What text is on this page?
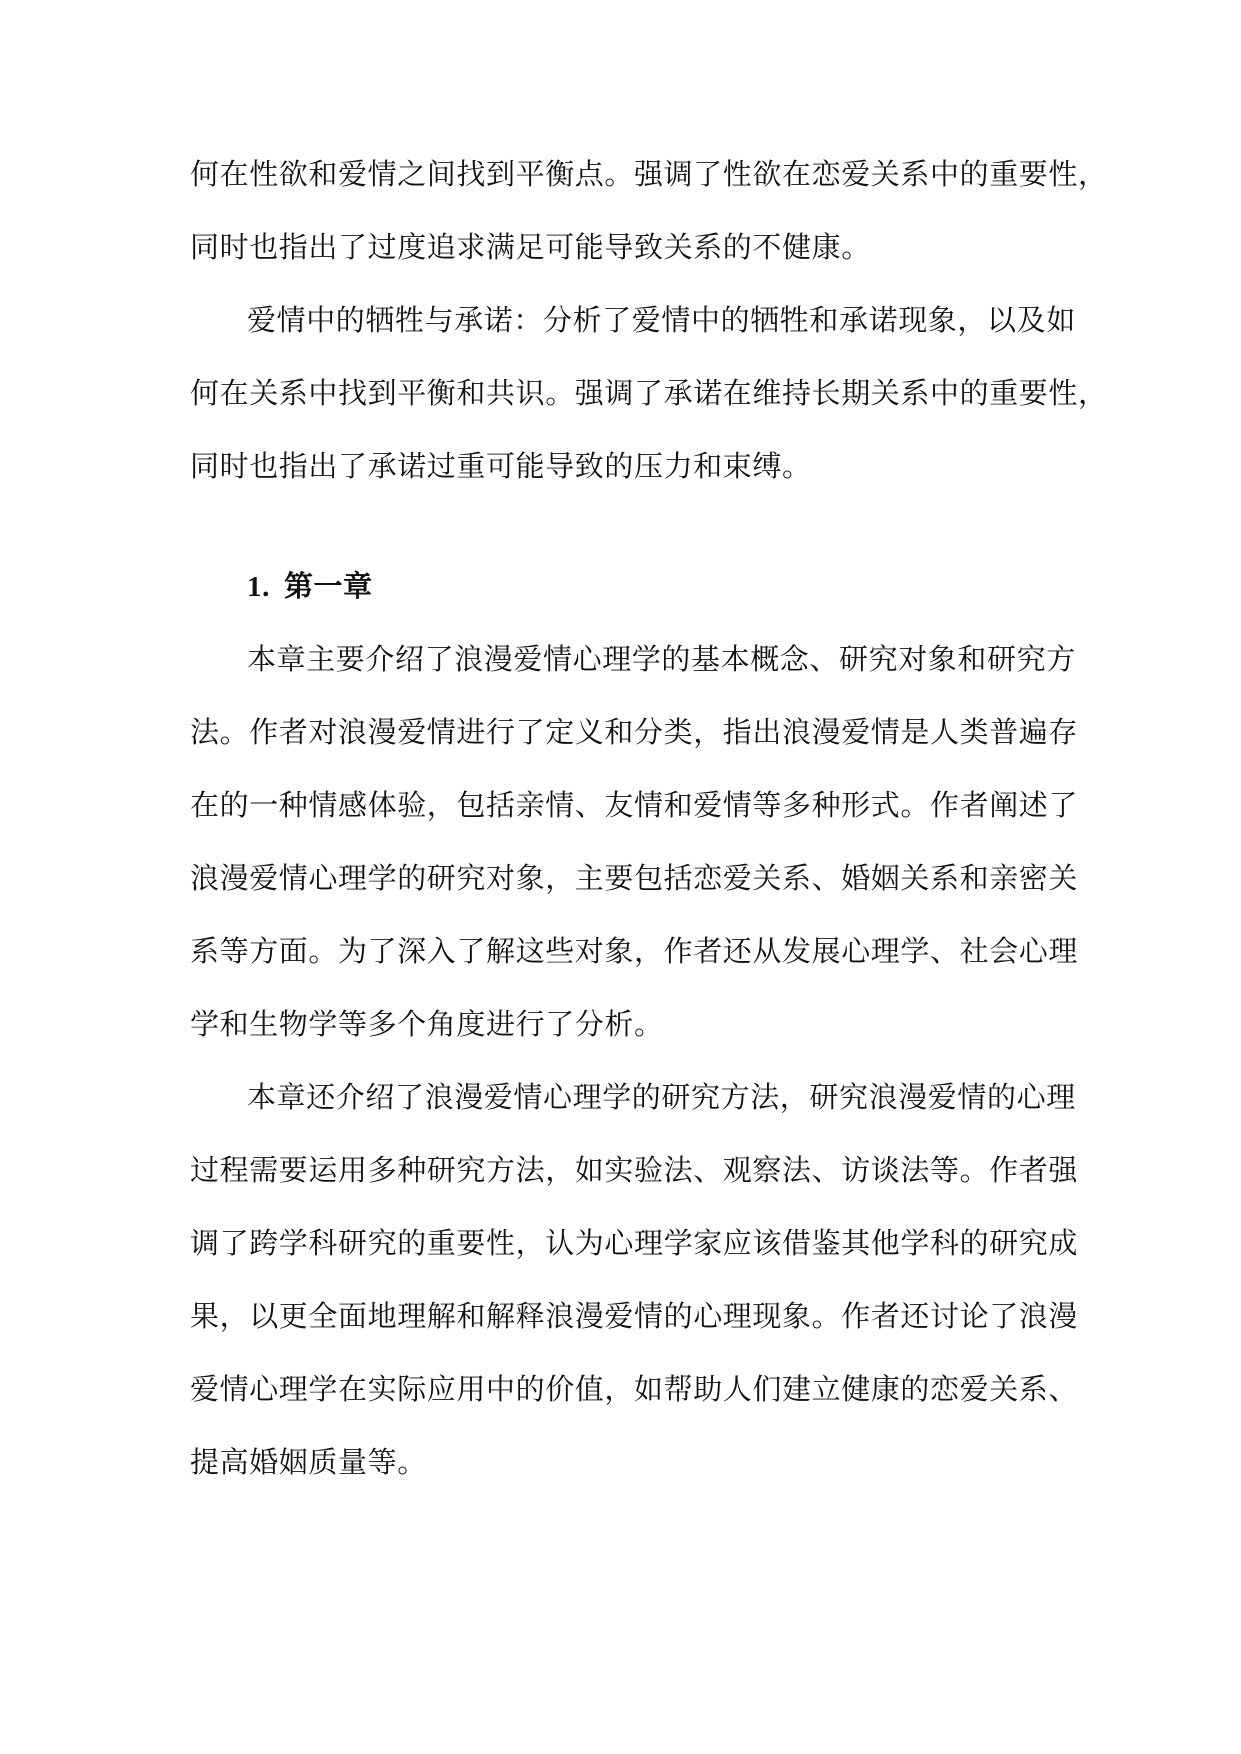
何在性欲和爱情之间找到平衡点。强调了性欲在恋爱关系中的重要性，
同时也指出了过度追求满足可能导致关系的不健康。
爱情中的牺牲与承诺：分析了爱情中的牺牲和承诺现象，以及如
何在关系中找到平衡和共识。强调了承诺在维持长期关系中的重要性，
同时也指出了承诺过重可能导致的压力和束缚。
1. 第一章
本章主要介绍了浪漫爱情心理学的基本概念、研究对象和研究方
法。作者对浪漫爱情进行了定义和分类，指出浪漫爱情是人类普遍存
在的一种情感体验，包括亲情、友情和爱情等多种形式。作者阐述了
浪漫爱情心理学的研究对象，主要包括恋爱关系、婚姻关系和亲密关
系等方面。为了深入了解这些对象，作者还从发展心理学、社会心理
学和生物学等多个角度进行了分析。
本章还介绍了浪漫爱情心理学的研究方法，研究浪漫爱情的心理
过程需要运用多种研究方法，如实验法、观察法、访谈法等。作者强
调了跨学科研究的重要性，认为心理学家应该借鉴其他学科的研究成
果，以更全面地理解和解释浪漫爱情的心理现象。作者还讨论了浪漫
爱情心理学在实际应用中的价值，如帮助人们建立健康的恋爱关系、
提高婚姻质量等。
